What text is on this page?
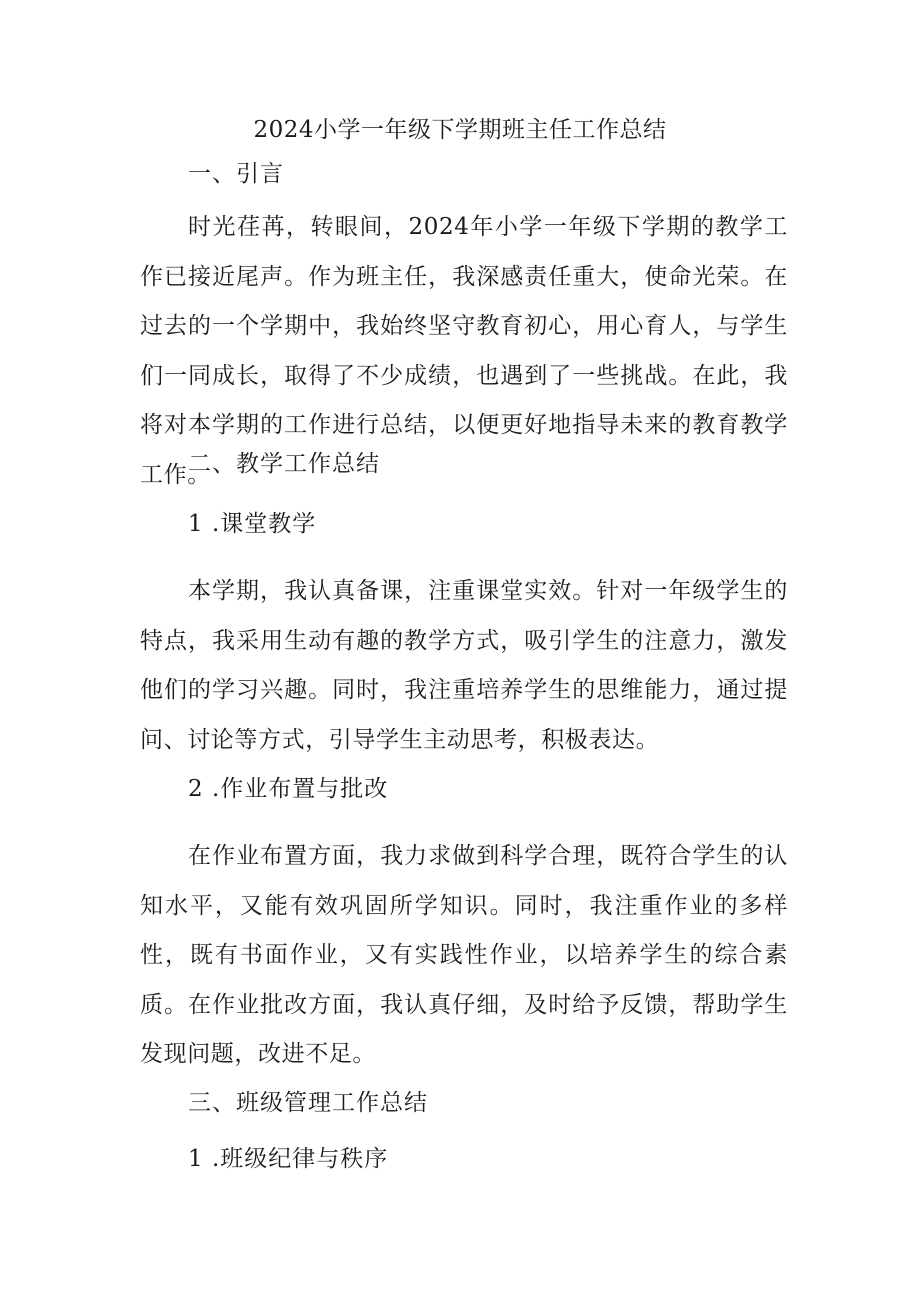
2024小学一年级下学期班主任工作总结
一、引言
时光荏苒，转眼间，2024年小学一年级下学期的教学工作已接近尾声。作为班主任，我深感责任重大，使命光荣。在过去的一个学期中，我始终坚守教育初心，用心育人，与学生们一同成长，取得了不少成绩，也遇到了一些挑战。在此，我将对本学期的工作进行总结，以便更好地指导未来的教育教学工作。
二、教学工作总结
1 .课堂教学
本学期，我认真备课，注重课堂实效。针对一年级学生的特点，我采用生动有趣的教学方式，吸引学生的注意力，激发他们的学习兴趣。同时，我注重培养学生的思维能力，通过提问、讨论等方式，引导学生主动思考，积极表达。
2 .作业布置与批改
在作业布置方面，我力求做到科学合理，既符合学生的认知水平，又能有效巩固所学知识。同时，我注重作业的多样性，既有书面作业，又有实践性作业，以培养学生的综合素质。在作业批改方面，我认真仔细，及时给予反馈，帮助学生发现问题，改进不足。
三、班级管理工作总结
1 .班级纪律与秩序
